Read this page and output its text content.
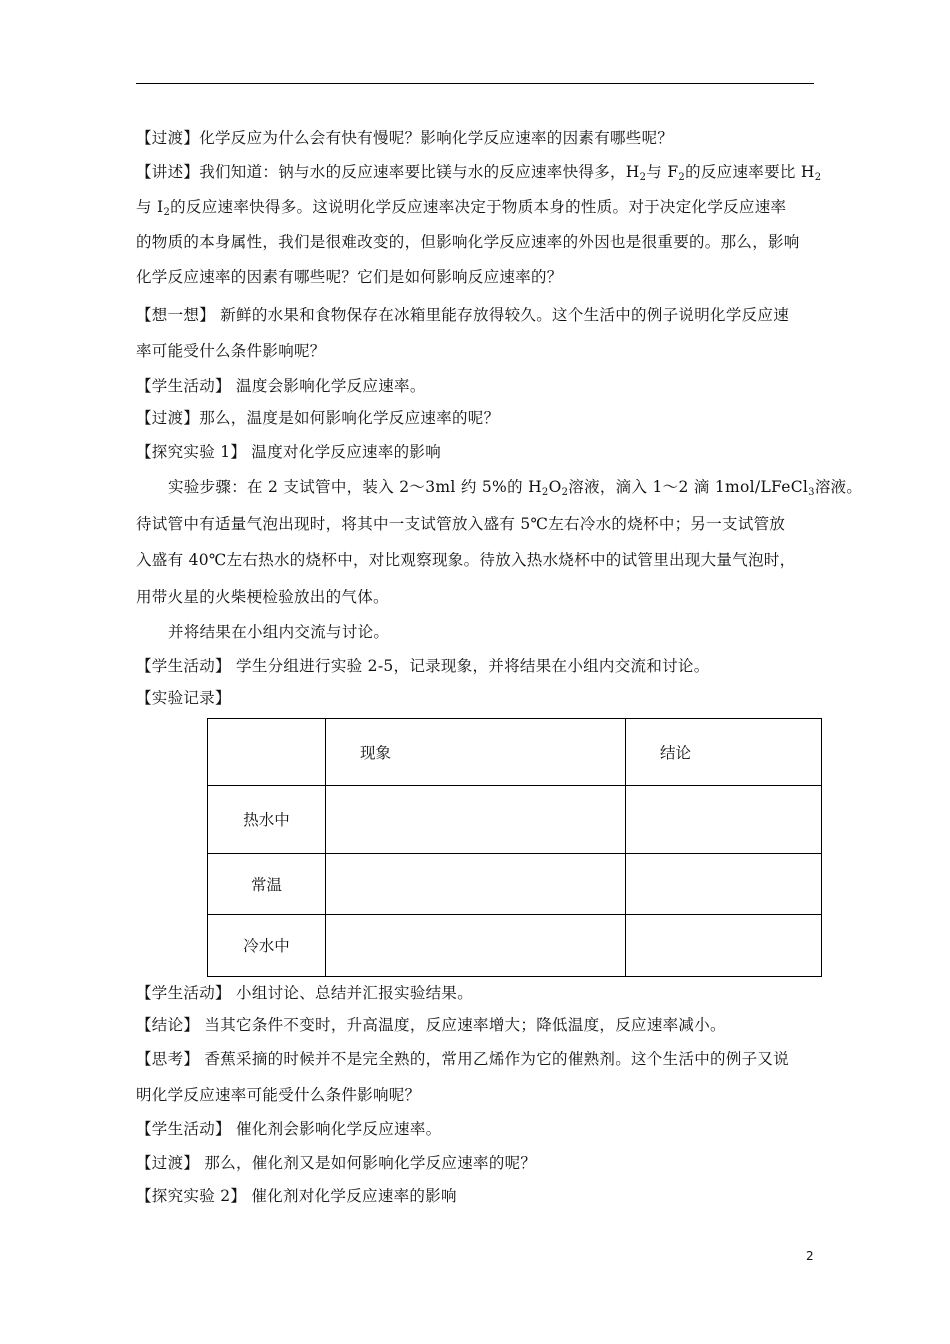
【过渡】化学反应为什么会有快有慢呢？影响化学反应速率的因素有哪些呢？
【讲述】我们知道：钠与水的反应速率要比镁与水的反应速率快得多，$H_2$与 $F_2$的反应速率要比 $H_2$
与 $I_2$的反应速率快得多。这说明化学反应速率决定于物质本身的性质。对于决定化学反应速率
的物质的本身属性，我们是很难改变的，但影响化学反应速率的外因也是很重要的。那么，影响
化学反应速率的因素有哪些呢？它们是如何影响反应速率的？
【想一想】 新鲜的水果和食物保存在冰箱里能存放得较久。这个生活中的例子说明化学反应速
率可能受什么条件影响呢？
【学生活动】 温度会影响化学反应速率。
【过渡】那么，温度是如何影响化学反应速率的呢？
【探究实验 1】 温度对化学反应速率的影响
实验步骤：在 2 支试管中，装入 2～3ml 约 5%的 $H_2O_2$溶液，滴入 1～2 滴 1mol/LFeCl$_3$溶液。
待试管中有适量气泡出现时，将其中一支试管放入盛有 5℃左右冷水的烧杯中；另一支试管放
入盛有 40℃左右热水的烧杯中，对比观察现象。待放入热水烧杯中的试管里出现大量气泡时，
用带火星的火柴梗检验放出的气体。
并将结果在小组内交流与讨论。
【学生活动】 学生分组进行实验 2-5，记录现象，并将结果在小组内交流和讨论。
【实验记录】
	现象	结论
热水中		
常温		
冷水中		
【学生活动】 小组讨论、总结并汇报实验结果。
【结论】 当其它条件不变时，升高温度，反应速率增大；降低温度，反应速率减小。
【思考】 香蕉采摘的时候并不是完全熟的，常用乙烯作为它的催熟剂。这个生活中的例子又说
明化学反应速率可能受什么条件影响呢？
【学生活动】 催化剂会影响化学反应速率。
【过渡】 那么，催化剂又是如何影响化学反应速率的呢？
【探究实验 2】 催化剂对化学反应速率的影响
2
